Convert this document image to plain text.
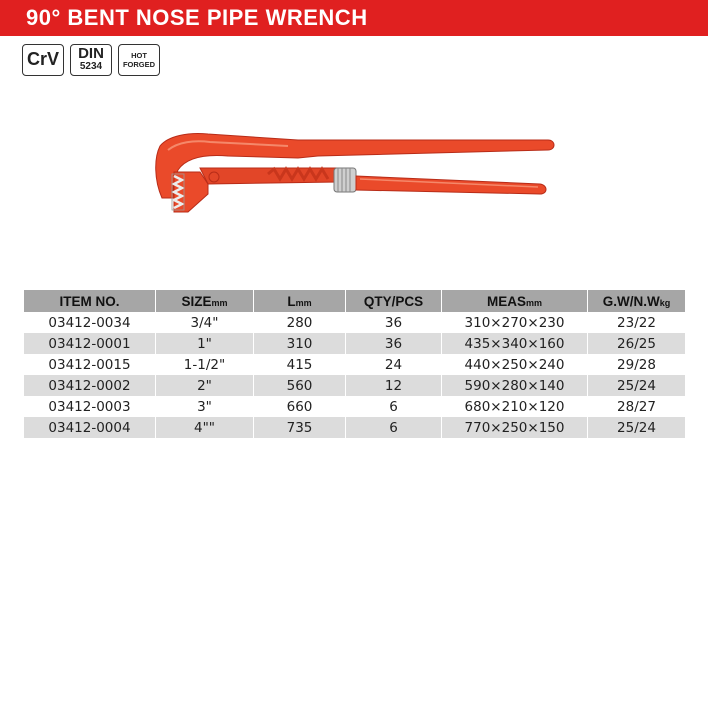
90° BENT NOSE PIPE WRENCH
CrV	DIN
5234
HOT
FORGED
ITEM NO.	SIZEmm	Lmm	QTY/PCS	MEASmm	G.W/N.Wkg
03412-0034	3/4"	280	36	310×270×230	23/22
03412-0001	1"	310	36	435×340×160	26/25
03412-0015	1-1/2"	415	24	440×250×240	29/28
03412-0002	2"	560	12	590×280×140	25/24
03412-0003	3"	660	6	680×210×120	28/27
03412-0004	4""	735	6	770×250×150	25/24
